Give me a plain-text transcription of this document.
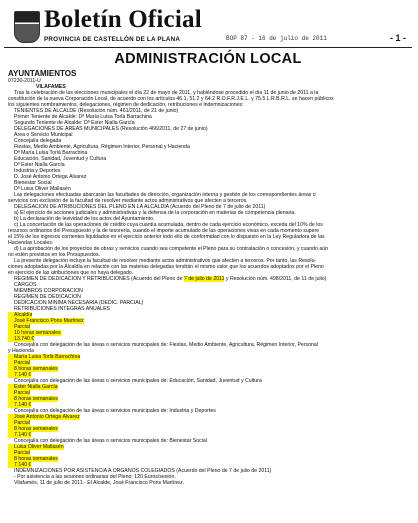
Boletín Oficial
PROVINCIA DE CASTELLÓN DE LA PLANA	BOP 87 - 16 de julio de 2011	- 1 -
ADMINISTRACIÓN LOCAL
AYUNTAMIENTOS
07230-2011-U
VILAFAMÉS
Tras la celebración de las elecciones municipales el día 22 de mayo de 2011, y habiéndose procedido el día 11 de junio de 2011 a la
constitución de la nueva Corporación Local, de acuerdo con los artículos 46.1, 51.2 y 64.2 R.O.F.R.J.E.L. y 75.5 L.R.B.R.L. se hacen públicos
los siguientes nombramientos, delegaciones, régimen de dedicación, retribuciones e indemnizaciones:
TENIENTES DE ALCALDE (Resolución núm. 461/2011, de 21 de junio)
Primer Teniente de Alcalde: Dª María Luisa Torlà Barrachina
Segundo Teniente de Alcalde: Dª Ester Nialla García
DELEGACIONES DE ÁREAS MUNICIPALES (Resolución 466/2011, de 27 de junio)
Área o Servicio Municipal
Concejalía delegada
Fiestas, Medio Ambiente, Agricultura, Régimen Interior, Personal y Hacienda
Dª María Luisa Torlà Barrachina
Educación, Sanidad, Juventud y Cultura
Dª Ester Nialla García
Industria y Deportes
D. José Antonio Ortega Álvarez
Bienestar Social
Dª Luisa Oliver Mallasén
Las delegaciones efectuadas abarcarán las facultades de dirección, organización interna y gestión de los correspondientes áreas o
servicios con exclusión de la facultad de resolver mediante actos administrativos que afecten a terceros.
DELEGACIÓN DE ATRIBUCIONES DEL PLENO EN LA ALCALDÍA (Acuerdo del Pleno de 7 de julio de 2011)
a) El ejercicio de acciones judiciales y administrativas y la defensa de la corporación en materias de competencia plenaria.
b) La declaración de lesividad de los actos del Ayuntamiento.
c) La concertación de las operaciones de crédito cuya cuantía acumulada, dentro de cada ejercicio económico, exceda del 10% de los
recursos ordinarios del Presupuesto y la de tesorería, cuando el importe acumulado de las operaciones vivas en cada momento supere
el 15% de los ingresos corrientes liquidados en el ejercicio anterior todo ello de conformidad con lo dispuesto en la Ley Reguladora de las
Haciendas Locales.
d) La aprobación de los proyectos de obras y servicios cuando sea competente el Pleno para su contratación o concesión, y cuando aún
no estén previstos en los Presupuestos.
La presente delegación incluye la facultad de resolver mediante actos administrativos que afecten a terceros. Por tanto, las Resolu-
ciones adoptadas por la Alcaldía en relación con las materias delegadas tendrán el mismo valor que los acuerdos adoptados por el Pleno
en ejercicio de las atribuciones que no haya delegado.
RÉGIMEN DE DEDICACIÓN Y RETRIBUCIONES (Acuerdo del Pleno de 7 de julio de 2011 y Resolución núm. 498/2011, de 11 de julio)
CARGOS
MIEMBROS CORPORACIÓN
RÉGIMEN DE DEDICACIÓN
DEDICACIÓN MÍNIMA NECESARIA (DEDIC. PARCIAL)
RETRIBUCIONES ÍNTEGRAS ANUALES
Alcaldía
José Francisco Pons Martínez
Parcial
10 horas semanales
13.740 €
Concejalía con delegación de las áreas o servicios municipales de: Fiestas, Medio Ambiente, Agricultura, Régimen Interior, Personal
y Hacienda
María Luisa Torlà Barrachina
Parcial
8 horas semanales
7.140 €
Concejalía con delegación de las áreas o servicios municipales de: Educación, Sanidad, Juventud y Cultura
Ester Nialla García
Parcial
8 horas semanales
7.140 €
Concejalía con delegación de las áreas o servicios municipales de: Industria y Deportes
José Antonio Ortega Álvarez
Parcial
8 horas semanales
7.140 €
Concejalía con delegación de las áreas o servicios municipales de: Bienestar Social
Luisa Oliver Mallasén
Parcial
8 horas semanales
7.140 €
INDEMNIZACIONES POR ASISTENCIA A ÓRGANOS COLEGIADOS (Acuerdo del Pleno de 7 de julio de 2011)
- Por asistencia a las sesiones ordinarias del Pleno: 120 Euros/sesión.
Vilafamés, 11 de julio de 2011.- El Alcalde, José Francisco Pons Martínez.
